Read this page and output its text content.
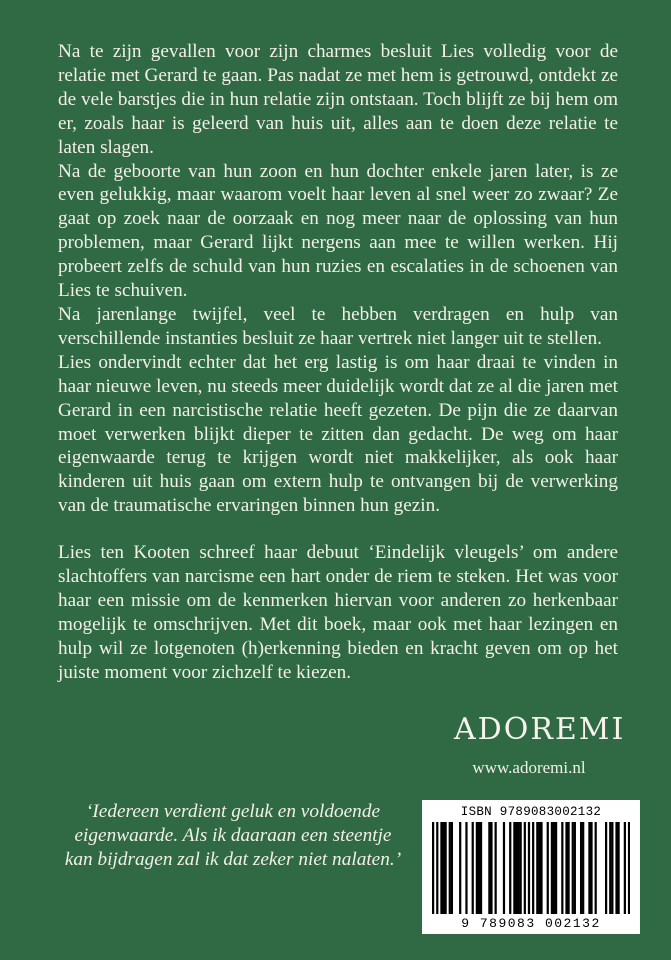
Na te zijn gevallen voor zijn charmes besluit Lies volledig voor de relatie met Gerard te gaan. Pas nadat ze met hem is getrouwd, ontdekt ze de vele barstjes die in hun relatie zijn ontstaan. Toch blijft ze bij hem om er, zoals haar is geleerd van huis uit, alles aan te doen deze relatie te laten slagen.

Na de geboorte van hun zoon en hun dochter enkele jaren later, is ze even gelukkig, maar waarom voelt haar leven al snel weer zo zwaar? Ze gaat op zoek naar de oorzaak en nog meer naar de oplossing van hun problemen, maar Gerard lijkt nergens aan mee te willen werken. Hij probeert zelfs de schuld van hun ruzies en escalaties in de schoenen van Lies te schuiven.

Na jarenlange twijfel, veel te hebben verdragen en hulp van verschillende instanties besluit ze haar vertrek niet langer uit te stellen.

Lies ondervindt echter dat het erg lastig is om haar draai te vinden in haar nieuwe leven, nu steeds meer duidelijk wordt dat ze al die jaren met Gerard in een narcistische relatie heeft gezeten. De pijn die ze daarvan moet verwerken blijkt dieper te zitten dan gedacht. De weg om haar eigenwaarde terug te krijgen wordt niet makkelijker, als ook haar kinderen uit huis gaan om extern hulp te ontvangen bij de verwerking van de traumatische ervaringen binnen hun gezin.

Lies ten Kooten schreef haar debuut ‘Eindelijk vleugels’ om andere slachtoffers van narcisme een hart onder de riem te steken. Het was voor haar een missie om de kenmerken hiervan voor anderen zo herkenbaar mogelijk te omschrijven. Met dit boek, maar ook met haar lezingen en hulp wil ze lotgenoten (h)erkenning bieden en kracht geven om op het juiste moment voor zichzelf te kiezen.

ADOREMI
www.adoremi.nl
‘Iedereen verdient geluk en voldoende eigenwaarde. Als ik daaraan een steentje kan bijdragen zal ik dat zeker niet nalaten.’
ISBN 9789083002132
9 789083 002132
